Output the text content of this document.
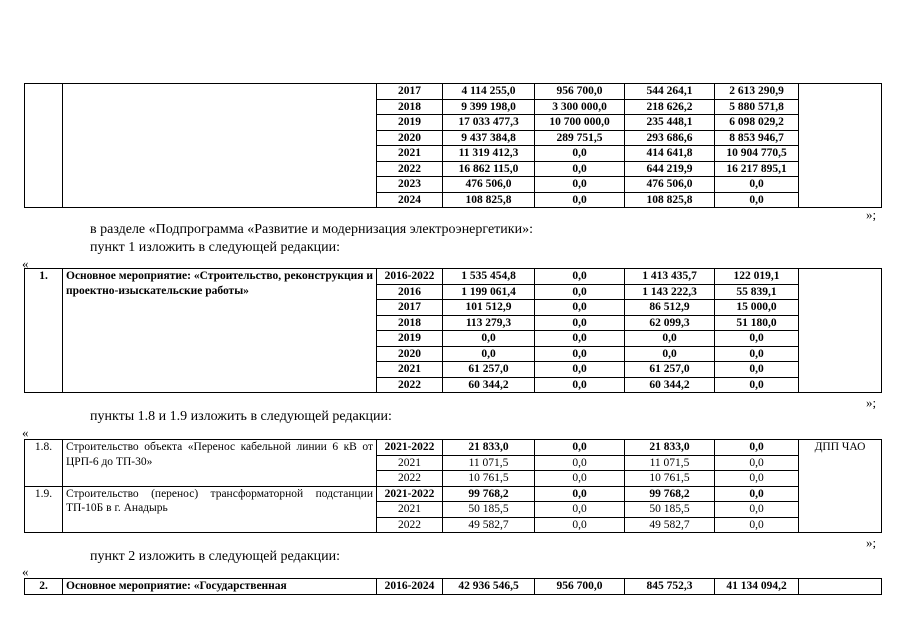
		2017	4 114 255,0	956 700,0	544 264,1	2 613 290,9	
		2018	9 399 198,0	3 300 000,0	218 626,2	5 880 571,8	
		2019	17 033 477,3	10 700 000,0	235 448,1	6 098 029,2	
		2020	9 437 384,8	289 751,5	293 686,6	8 853 946,7	
		2021	11 319 412,3	0,0	414 641,8	10 904 770,5	
		2022	16 862 115,0	0,0	644 219,9	16 217 895,1	
		2023	476 506,0	0,0	476 506,0	0,0	
		2024	108 825,8	0,0	108 825,8	0,0	
»;
в разделе «Подпрограмма «Развитие и модернизация электроэнергетики»:
пункт 1 изложить в следующей редакции:
«
1.	Основное мероприятие: «Строительство, реконструкция и проектно-изыскательские работы»	2016-2022	1 535 454,8	0,0	1 413 435,7	122 019,1	
		2016	1 199 061,4	0,0	1 143 222,3	55 839,1	
		2017	101 512,9	0,0	86 512,9	15 000,0	
		2018	113 279,3	0,0	62 099,3	51 180,0	
		2019	0,0	0,0	0,0	0,0	
		2020	0,0	0,0	0,0	0,0	
		2021	61 257,0	0,0	61 257,0	0,0	
		2022	60 344,2	0,0	60 344,2	0,0	
»;
пункты 1.8 и 1.9 изложить в следующей редакции:
«
1.8.	Строительство объекта «Перенос кабельной линии 6 кВ от ЦРП-6 до ТП-30»	2021-2022	21 833,0	0,0	21 833,0	0,0	ДПП ЧАО
		2021	11 071,5	0,0	11 071,5	0,0	
		2022	10 761,5	0,0	10 761,5	0,0	
1.9.	Строительство (перенос) трансформаторной подстанции ТП-10Б в г. Анадырь	2021-2022	99 768,2	0,0	99 768,2	0,0	
		2021	50 185,5	0,0	50 185,5	0,0	
		2022	49 582,7	0,0	49 582,7	0,0	
»;
пункт 2 изложить в следующей редакции:
«
2.	Основное мероприятие: «Государственная	2016-2024	42 936 546,5	956 700,0	845 752,3	41 134 094,2	
